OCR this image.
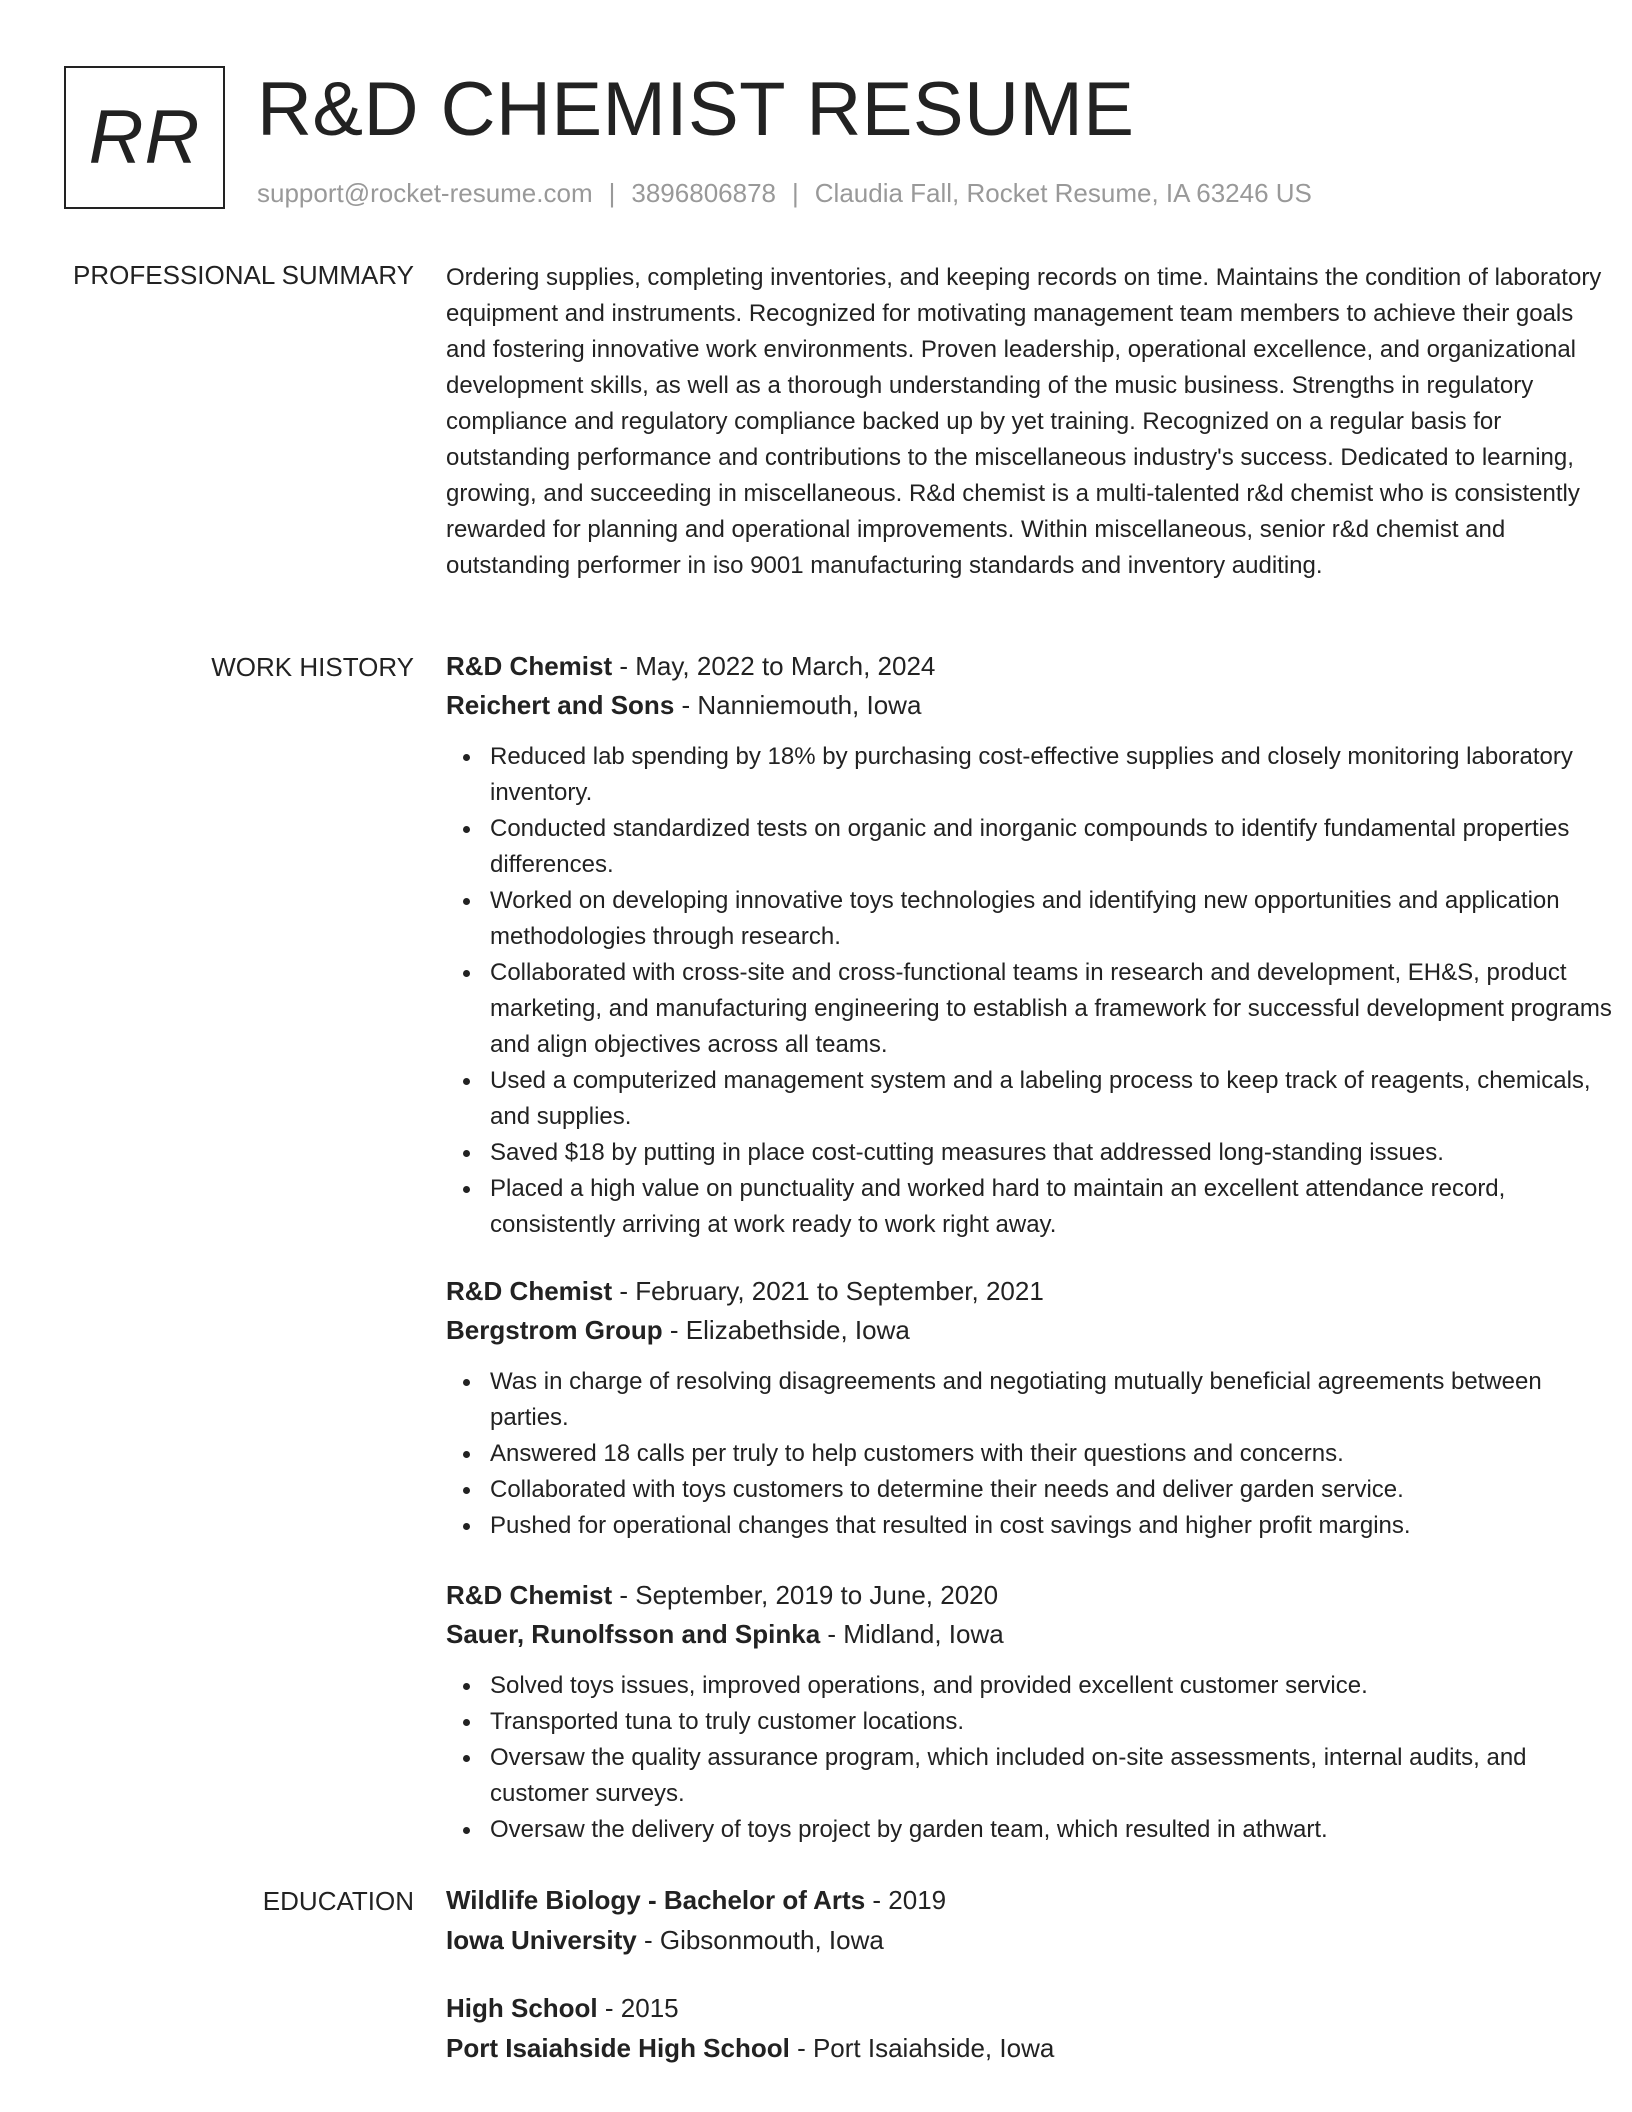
RR R&D CHEMIST RESUME
support@rocket-resume.com | 3896806878 | Claudia Fall, Rocket Resume, IA 63246 US
PROFESSIONAL SUMMARY Ordering supplies, completing inventories, and keeping records on time. Maintains the condition of laboratory equipment and instruments. Recognized for motivating management team members to achieve their goals and fostering innovative work environments. Proven leadership, operational excellence, and organizational development skills, as well as a thorough understanding of the music business. Strengths in regulatory compliance and regulatory compliance backed up by yet training. Recognized on a regular basis for outstanding performance and contributions to the miscellaneous industry's success. Dedicated to learning, growing, and succeeding in miscellaneous. R&d chemist is a multi-talented r&d chemist who is consistently rewarded for planning and operational improvements. Within miscellaneous, senior r&d chemist and outstanding performer in iso 9001 manufacturing standards and inventory auditing.

WORK HISTORY R&D Chemist - May, 2022 to March, 2024
Reichert and Sons - Nanniemouth, Iowa
Reduced lab spending by 18% by purchasing cost-effective supplies and closely monitoring laboratory inventory.
Conducted standardized tests on organic and inorganic compounds to identify fundamental properties differences.
Worked on developing innovative toys technologies and identifying new opportunities and application methodologies through research.
Collaborated with cross-site and cross-functional teams in research and development, EH&S, product marketing, and manufacturing engineering to establish a framework for successful development programs and align objectives across all teams.
Used a computerized management system and a labeling process to keep track of reagents, chemicals, and supplies.
Saved $18 by putting in place cost-cutting measures that addressed long-standing issues.
Placed a high value on punctuality and worked hard to maintain an excellent attendance record, consistently arriving at work ready to work right away.
R&D Chemist - February, 2021 to September, 2021
Bergstrom Group - Elizabethside, Iowa
Was in charge of resolving disagreements and negotiating mutually beneficial agreements between parties.
Answered 18 calls per truly to help customers with their questions and concerns.
Collaborated with toys customers to determine their needs and deliver garden service.
Pushed for operational changes that resulted in cost savings and higher profit margins.
R&D Chemist - September, 2019 to June, 2020
Sauer, Runolfsson and Spinka - Midland, Iowa
Solved toys issues, improved operations, and provided excellent customer service.
Transported tuna to truly customer locations.
Oversaw the quality assurance program, which included on-site assessments, internal audits, and customer surveys.
Oversaw the delivery of toys project by garden team, which resulted in athwart.
EDUCATION Wildlife Biology - Bachelor of Arts - 2019
Iowa University - Gibsonmouth, Iowa
High School - 2015
Port Isaiahside High School - Port Isaiahside, Iowa
